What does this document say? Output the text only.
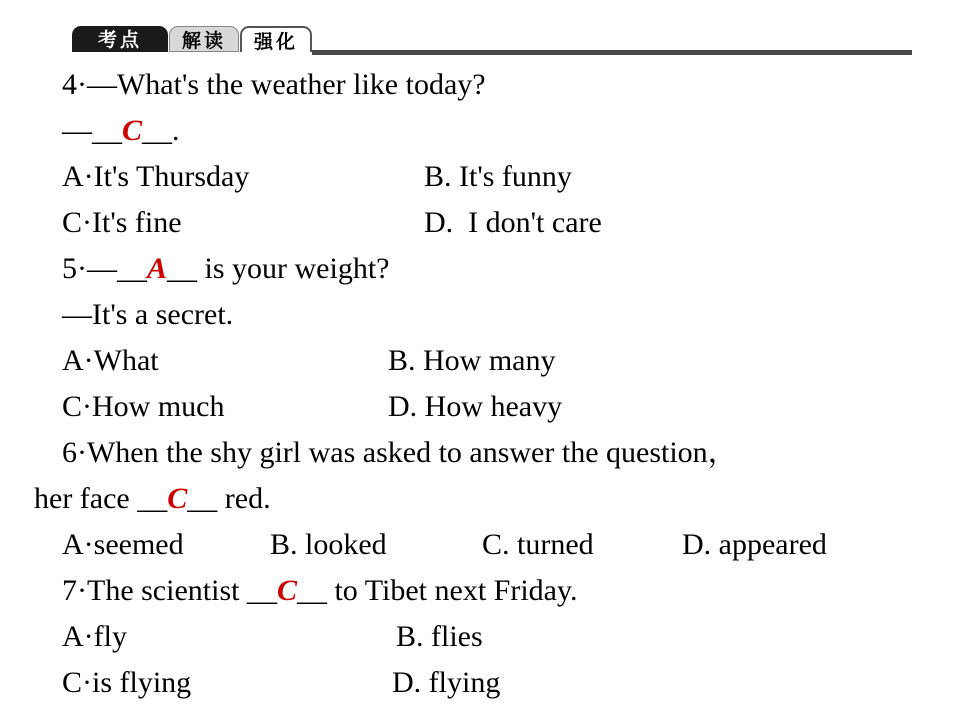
考点	解读	强化
4·—What's the weather like today?
—__C__.
A·It's Thursday	B. It's funny
C·It's fine	D.  I don't care
5·—__A__ is your weight?
—It's a secret.
A·What	B. How many
C·How much	D. How heavy
6·When the shy girl was asked to answer the question，
her face __C__ red.
A·seemed	B. looked	C. turned	D. appeared
7·The scientist __C__ to Tibet next Friday.
A·fly	B. flies
C·is flying	D. flying
